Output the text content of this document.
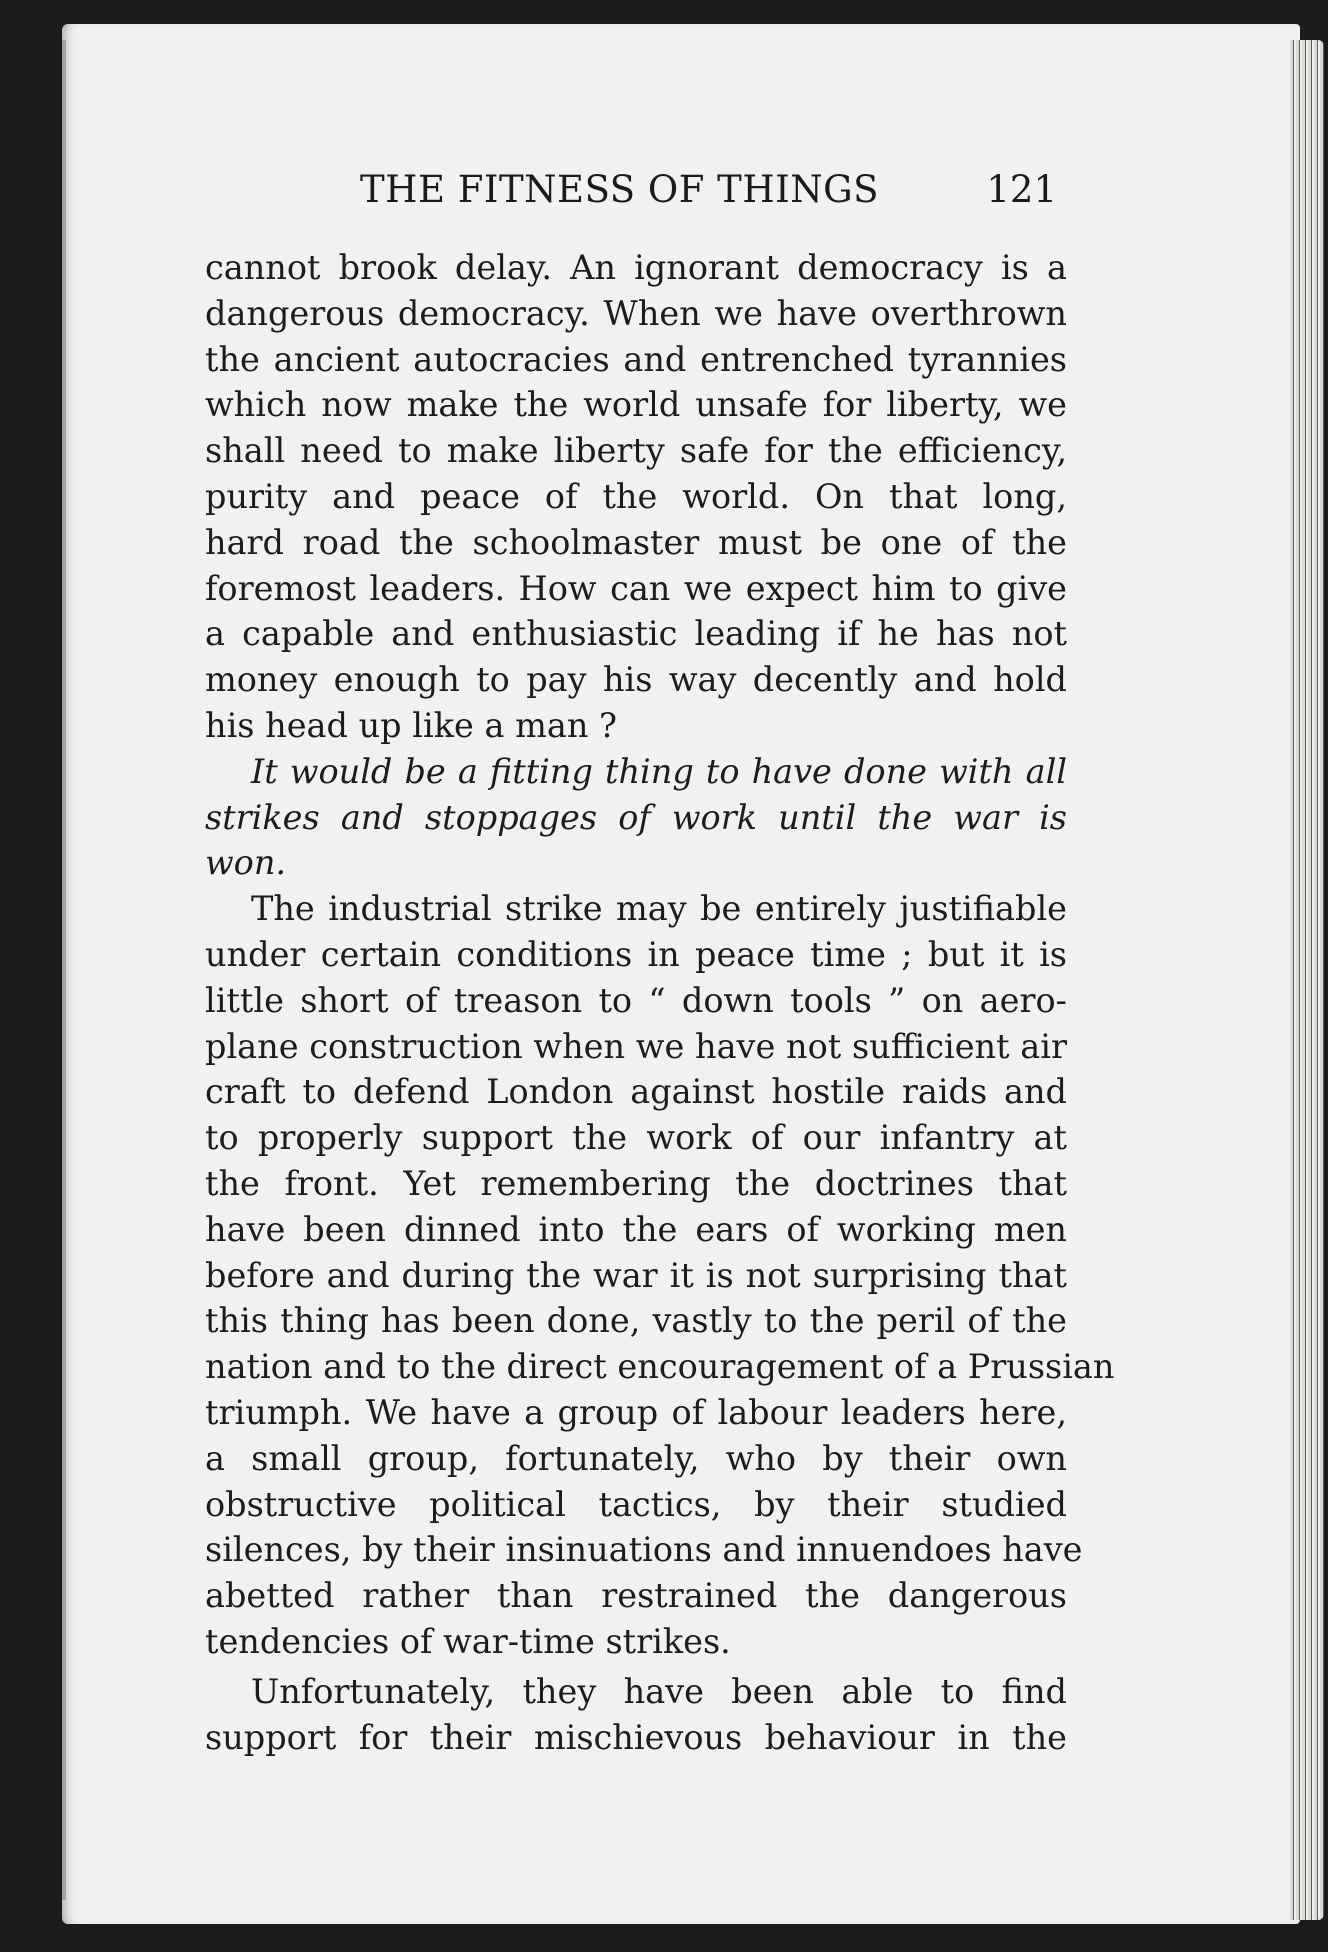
THE FITNESS OF THINGS	121
cannot brook delay. An ignorant democracy is a
dangerous democracy. When we have overthrown
the ancient autocracies and entrenched tyrannies
which now make the world unsafe for liberty, we
shall need to make liberty safe for the efficiency,
purity and peace of the world. On that long,
hard road the schoolmaster must be one of the
foremost leaders. How can we expect him to give
a capable and enthusiastic leading if he has not
money enough to pay his way decently and hold
his head up like a man ?
It would be a fitting thing to have done with all
strikes and stoppages of work until the war is
won.
The industrial strike may be entirely justifiable
under certain conditions in peace time ; but it is
little short of treason to “ down tools ” on aero-
plane construction when we have not sufficient air
craft to defend London against hostile raids and
to properly support the work of our infantry at
the front. Yet remembering the doctrines that
have been dinned into the ears of working men
before and during the war it is not surprising that
this thing has been done, vastly to the peril of the
nation and to the direct encouragement of a Prussian
triumph. We have a group of labour leaders here,
a small group, fortunately, who by their own
obstructive political tactics, by their studied
silences, by their insinuations and innuendoes have
abetted rather than restrained the dangerous
tendencies of war-time strikes.
Unfortunately, they have been able to find
support for their mischievous behaviour in the
